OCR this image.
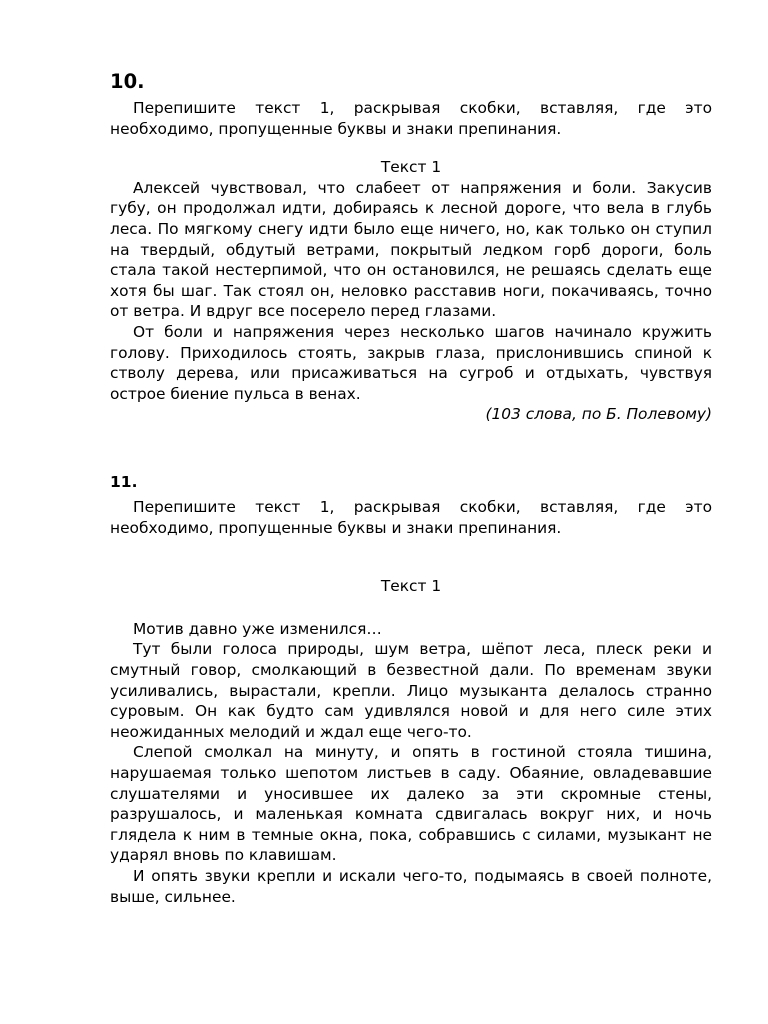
10.

Перепишите текст 1, раскрывая скобки, вставляя, где это необходимо, пропущенные буквы и знаки препинания.

Текст 1

Алексей чувствовал, что слабеет от напряжения и боли. Закусив губу, он продолжал идти, добираясь к лесной дороге, что вела в глубь леса. По мягкому снегу идти было еще ничего, но, как только он ступил на твердый, обдутый ветрами, покрытый ледком горб дороги, боль стала такой нестерпимой, что он остановился, не решаясь сделать еще хотя бы шаг. Так стоял он, неловко расставив ноги, покачиваясь, точно от ветра. И вдруг все посерело перед глазами.

От боли и напряжения через несколько шагов начинало кружить голову. Приходилось стоять, закрыв глаза, прислонившись спиной к стволу дерева, или присаживаться на сугроб и отдыхать, чувствуя острое биение пульса в венах.

(103 слова, по Б. Полевому)

11.

Перепишите текст 1, раскрывая скобки, вставляя, где это необходимо, пропущенные буквы и знаки препинания.

Текст 1

Мотив давно уже изменился…

Тут были голоса природы, шум ветра, шёпот леса, плеск реки и смутный говор, смолкающий в безвестной дали. По временам звуки усиливались, вырастали, крепли. Лицо музыканта делалось странно суровым. Он как будто сам удивлялся новой и для него силе этих неожиданных мелодий и ждал еще чего-то.

Слепой смолкал на минуту, и опять в гостиной стояла тишина, нарушаемая только шепотом листьев в саду. Обаяние, овладевавшие слушателями и уносившее их далеко за эти скромные стены, разрушалось, и маленькая комната сдвигалась вокруг них, и ночь глядела к ним в темные окна, пока, собравшись с силами, музыкант не ударял вновь по клавишам.

И опять звуки крепли и искали чего-то, подымаясь в своей полноте, выше, сильнее.
